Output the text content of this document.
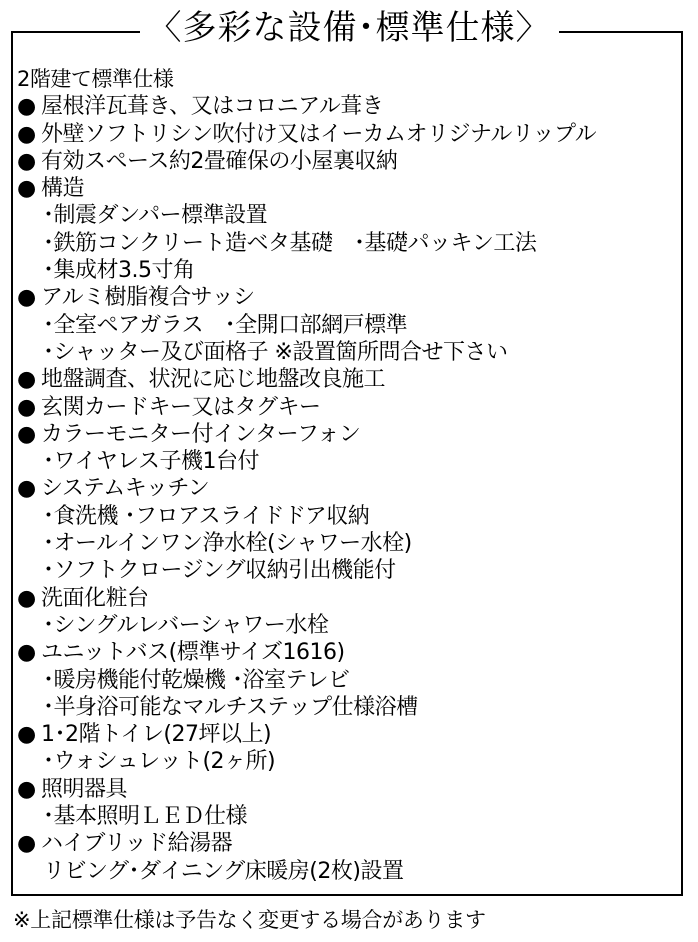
〈多彩な設備･標準仕様〉
2階建て標準仕様
● 屋根洋瓦葺き、又はコロニアル葺き
● 外壁ソフトリシン吹付け又はイーカムオリジナルリップル
● 有効スペース約2畳確保の小屋裏収納
● 構造
･制震ダンパー標準設置
･鉄筋コンクリート造ベタ基礎　･基礎パッキン工法
･集成材3.5寸角
● アルミ樹脂複合サッシ
･全室ペアガラス　･全開口部網戸標準
･シャッター及び面格子 ※設置箇所問合せ下さい
● 地盤調査、状況に応じ地盤改良施工
● 玄関カードキー又はタグキー
● カラーモニター付インターフォン
･ワイヤレス子機1台付
● システムキッチン
･食洗機 ･フロアスライドドア収納
･オールインワン浄水栓(シャワー水栓)
･ソフトクロージング収納引出機能付
● 洗面化粧台
･シングルレバーシャワー水栓
● ユニットバス(標準サイズ1616)
･暖房機能付乾燥機 ･浴室テレビ
･半身浴可能なマルチステップ仕様浴槽
● 1･2階トイレ(27坪以上)
･ウォシュレット(2ヶ所)
● 照明器具
･基本照明ＬＥＤ仕様
● ハイブリッド給湯器
リビング･ダイニング床暖房(2枚)設置
※上記標準仕様は予告なく変更する場合があります
